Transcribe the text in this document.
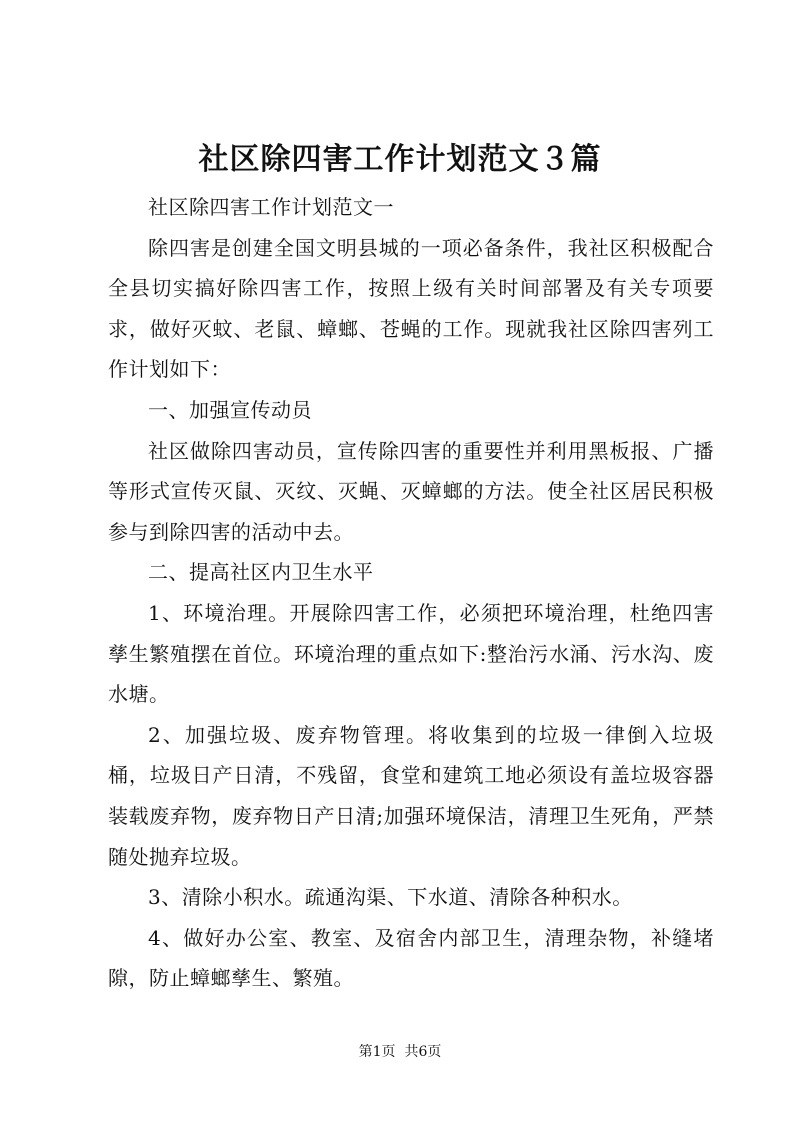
社区除四害工作计划范文３篇

社区除四害工作计划范文一

除四害是创建全国文明县城的一项必备条件，我社区积极配合全县切实搞好除四害工作，按照上级有关时间部署及有关专项要求，做好灭蚊、老鼠、蟑螂、苍蝇的工作。现就我社区除四害列工作计划如下：

一、加强宣传动员

社区做除四害动员，宣传除四害的重要性并利用黑板报、广播等形式宣传灭鼠、灭纹、灭蝇、灭蟑螂的方法。使全社区居民积极参与到除四害的活动中去。

二、提高社区内卫生水平

1、环境治理。开展除四害工作，必须把环境治理，杜绝四害孳生繁殖摆在首位。环境治理的重点如下:整治污水涌、污水沟、废水塘。

2、加强垃圾、废弃物管理。将收集到的垃圾一律倒入垃圾桶，垃圾日产日清，不残留，食堂和建筑工地必须设有盖垃圾容器装载废弃物，废弃物日产日清;加强环境保洁，清理卫生死角，严禁随处抛弃垃圾。

3、清除小积水。疏通沟渠、下水道、清除各种积水。

4、做好办公室、教室、及宿舍内部卫生，清理杂物，补缝堵隙，防止蟑螂孳生、繁殖。

第1页  共6页
